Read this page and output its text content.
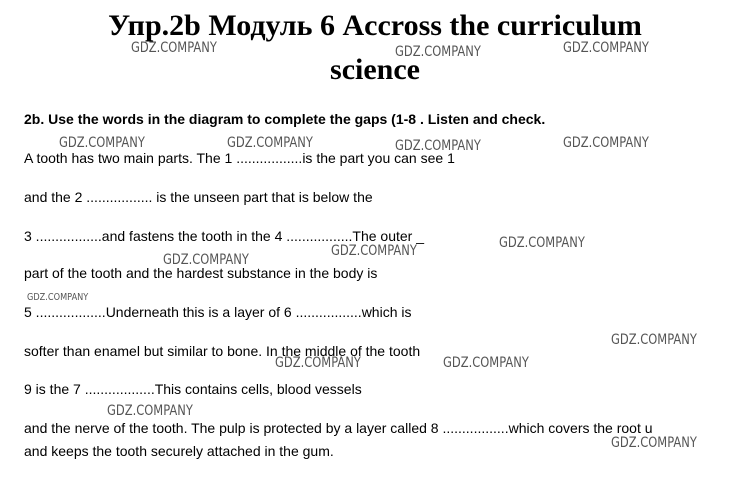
Упр.2b Модуль 6 Accross the curriculum
science
2b. Use the words in the diagram to complete the gaps (1-8 . Listen and check.
A tooth has two main parts. The 1 .................is the part you can see 1
and the 2 ................. is the unseen part that is below the
3 .................and fastens the tooth in the 4 .................The outer _
part of the tooth and the hardest substance in the body is
5 ..................Underneath this is a layer of 6 .................which is
softer than enamel but similar to bone. In the middle of the tooth
9 is the 7 ..................This contains cells, blood vessels
and the nerve of the tooth. The pulp is protected by a layer called 8 .................which covers the root u
and keeps the tooth securely attached in the gum.
GDZ.COMPANY	GDZ.COMPANY	GDZ.COMPANY
GDZ.COMPANY	GDZ.COMPANY	GDZ.COMPANY	GDZ.COMPANY
GDZ.COMPANY
GDZ.COMPANY
GDZ.COMPANY
GDZ.COMPANY
GDZ.COMPANY
GDZ.COMPANY	GDZ.COMPANY
GDZ.COMPANY
GDZ.COMPANY
